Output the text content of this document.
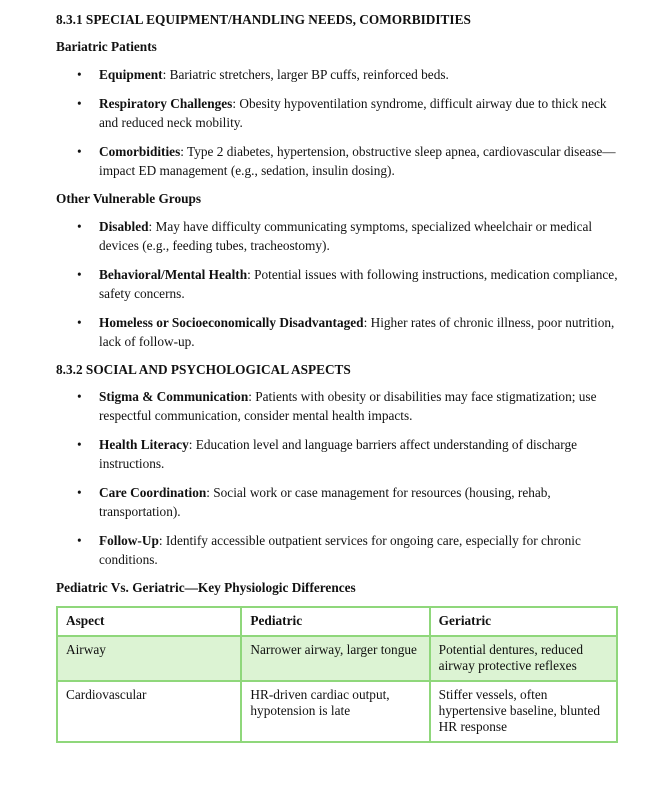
8.3.1 SPECIAL EQUIPMENT/HANDLING NEEDS, COMORBIDITIES
Bariatric Patients
• Equipment: Bariatric stretchers, larger BP cuffs, reinforced beds.
• Respiratory Challenges: Obesity hypoventilation syndrome, difficult airway due to thick neck and reduced neck mobility.
• Comorbidities: Type 2 diabetes, hypertension, obstructive sleep apnea, cardiovascular disease—impact ED management (e.g., sedation, insulin dosing).
Other Vulnerable Groups
• Disabled: May have difficulty communicating symptoms, specialized wheelchair or medical devices (e.g., feeding tubes, tracheostomy).
• Behavioral/Mental Health: Potential issues with following instructions, medication compliance, safety concerns.
• Homeless or Socioeconomically Disadvantaged: Higher rates of chronic illness, poor nutrition, lack of follow-up.
8.3.2 SOCIAL AND PSYCHOLOGICAL ASPECTS
• Stigma & Communication: Patients with obesity or disabilities may face stigmatization; use respectful communication, consider mental health impacts.
• Health Literacy: Education level and language barriers affect understanding of discharge instructions.
• Care Coordination: Social work or case management for resources (housing, rehab, transportation).
• Follow-Up: Identify accessible outpatient services for ongoing care, especially for chronic conditions.
Pediatric Vs. Geriatric—Key Physiologic Differences
Aspect	Pediatric	Geriatric
Airway	Narrower airway, larger tongue	Potential dentures, reduced airway protective reflexes
Cardiovascular	HR-driven cardiac output, hypotension is late	Stiffer vessels, often hypertensive baseline, blunted HR response
